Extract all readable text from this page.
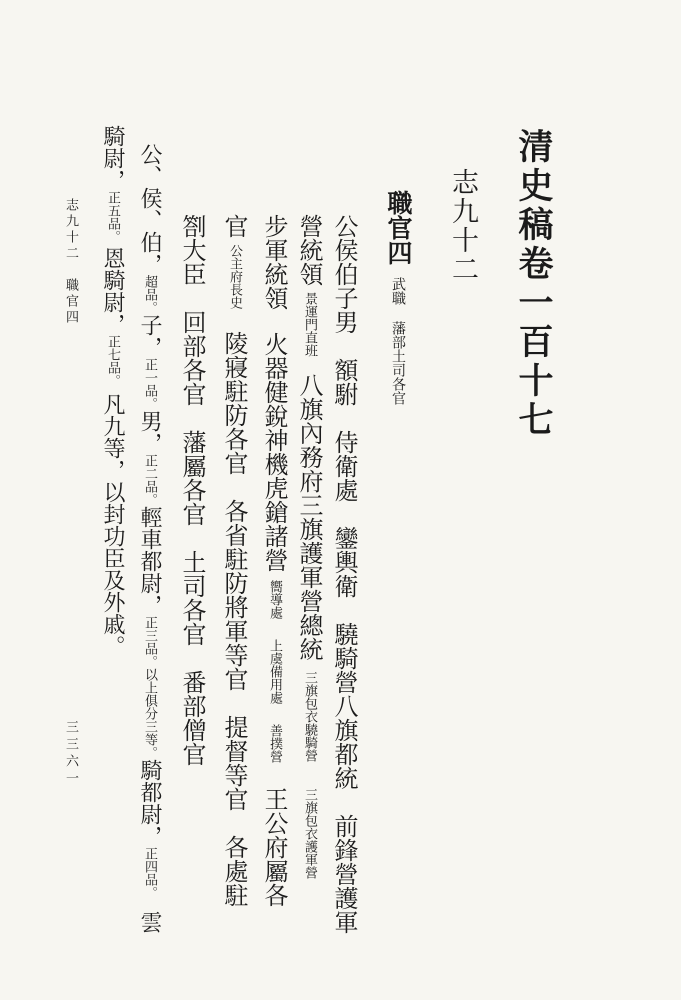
清史稿卷一百十七
志九十二
職官四武職藩部土司各官
公侯伯子男額駙侍衛處鑾輿衛驍騎營八旗都統前鋒營護軍
營統領景運門直班八旗內務府三旗護軍營總統三旗包衣驍騎營三旗包衣護軍營
步軍統領火器健銳神機虎鎗諸營嚮導處上虞備用處善撲營王公府屬各
官公主府長史陵寢駐防各官各省駐防將軍等官提督等官各處駐
劄大臣回部各官藩屬各官土司各官番部僧官
公、侯、伯，超品。子，正一品。男，正二品。輕車都尉，正三品。以上俱分三等。騎都尉，正四品。雲
騎尉，正五品。恩騎尉，正七品。凡九等，以封功臣及外戚。
志九十二　職官四
三三六一
